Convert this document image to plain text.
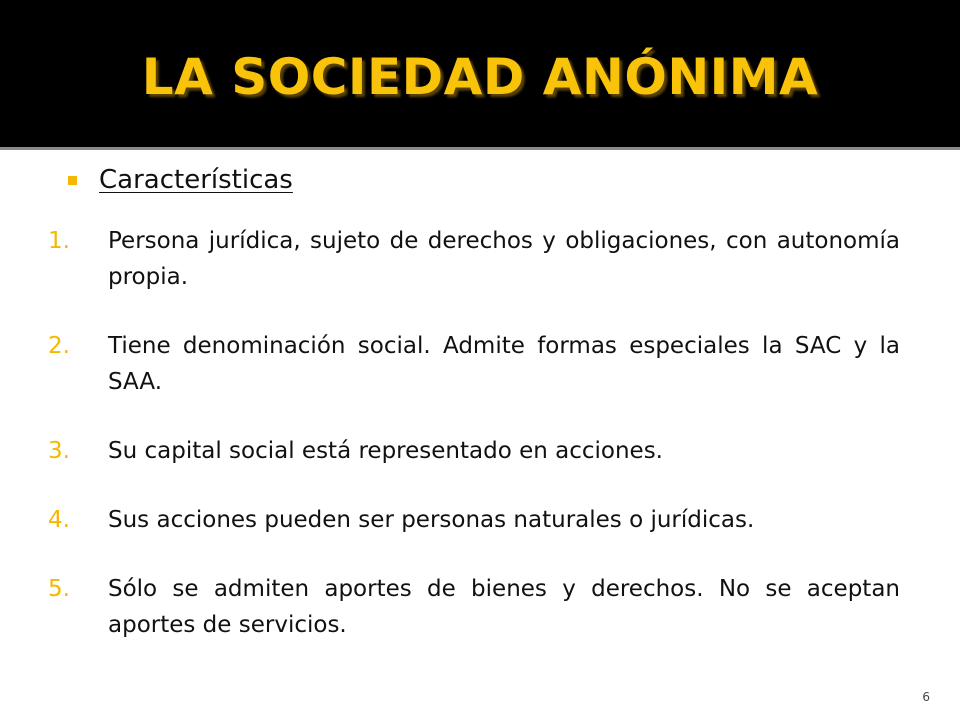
LA SOCIEDAD ANÓNIMA
Características
1.	Persona jurídica, sujeto de derechos y obligaciones, con autonomía propia.
2.	Tiene denominación social. Admite formas especiales la SAC y la SAA.
3.	Su capital social está representado en acciones.
4.	Sus acciones pueden ser personas naturales o jurídicas.
5.	Sólo se admiten aportes de bienes y derechos. No se aceptan aportes de servicios.
6
